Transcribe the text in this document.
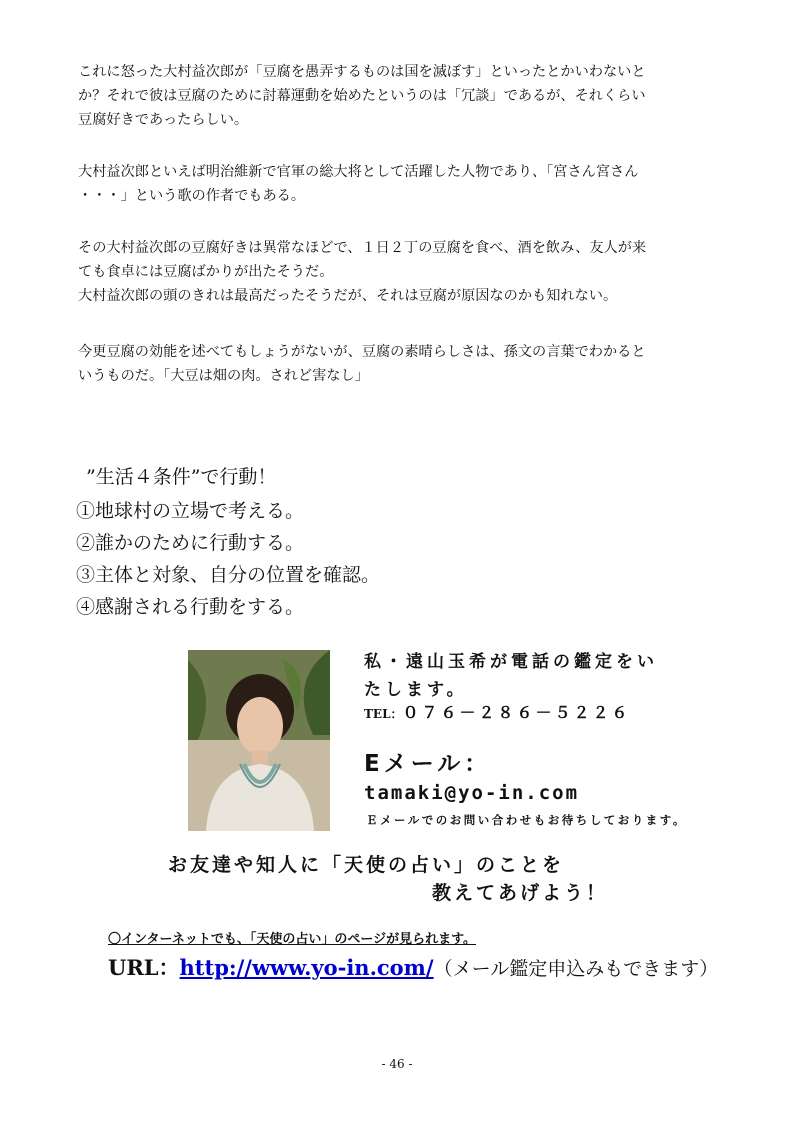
これに怒った大村益次郎が「豆腐を愚弄するものは国を滅ぼす」といったとかいわないと
か？それで彼は豆腐のために討幕運動を始めたというのは「冗談」であるが、それくらい
豆腐好きであったらしい。
大村益次郎といえば明治維新で官軍の総大将として活躍した人物であり、「宮さん宮さん
・・・」という歌の作者でもある。
その大村益次郎の豆腐好きは異常なほどで、１日２丁の豆腐を食べ、酒を飲み、友人が来
ても食卓には豆腐ばかりが出たそうだ。
大村益次郎の頭のきれは最高だったそうだが、それは豆腐が原因なのかも知れない。
今更豆腐の効能を述べてもしょうがないが、豆腐の素晴らしさは、孫文の言葉でわかると
いうものだ。「大豆は畑の肉。されど害なし」
”生活４条件”で行動！
①地球村の立場で考える。
②誰かのために行動する。
③主体と対象、自分の位置を確認。
④感謝される行動をする。
私・遠山玉希が電話の鑑定をい
たします。
TEL：０７６－２８６－５２２６
Eメール：
tamaki@yo-in.com
Ｅメールでのお問い合わせもお待ちしております。
お友達や知人に「天使の占い」のことを
教えてあげよう！
〇インターネットでも、「天使の占い」のページが見られます。
URL：http://www.yo-in.com/（メール鑑定申込みもできます）
- 46 -
